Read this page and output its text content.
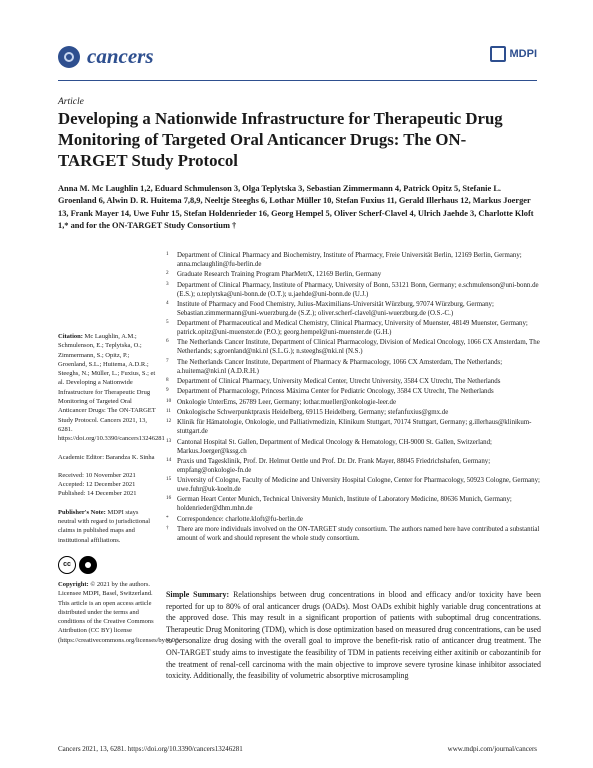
cancers	MDPI
Article
Developing a Nationwide Infrastructure for Therapeutic Drug Monitoring of Targeted Oral Anticancer Drugs: The ON-TARGET Study Protocol

Anna M. Mc Laughlin 1,2, Eduard Schmulenson 3, Olga Teplytska 3, Sebastian Zimmermann 4, Patrick Opitz 5, Stefanie L. Groenland 6, Alwin D. R. Huitema 7,8,9, Neeltje Steeghs 6, Lothar Müller 10, Stefan Fuxius 11, Gerald Illerhaus 12, Markus Joerger 13, Frank Mayer 14, Uwe Fuhr 15, Stefan Holdenrieder 16, Georg Hempel 5, Oliver Scherf-Clavel 4, Ulrich Jaehde 3, Charlotte Kloft 1,* and for the ON-TARGET Study Consortium †

1	Department of Clinical Pharmacy and Biochemistry, Institute of Pharmacy, Freie Universität Berlin, 12169 Berlin, Germany; anna.mclaughlin@fu-berlin.de
2	Graduate Research Training Program PharMetrX, 12169 Berlin, Germany
3	Department of Clinical Pharmacy, Institute of Pharmacy, University of Bonn, 53121 Bonn, Germany; e.schmulenson@uni-bonn.de (E.S.); o.teplytska@uni-bonn.de (O.T.); u.jaehde@uni-bonn.de (U.J.)
4	Institute of Pharmacy and Food Chemistry, Julius-Maximilians-Universität Würzburg, 97074 Würzburg, Germany; Sebastian.zimmermann@uni-wuerzburg.de (S.Z.); oliver.scherf-clavel@uni-wuerzburg.de (O.S.-C.)
5	Department of Pharmaceutical and Medical Chemistry, Clinical Pharmacy, University of Muenster, 48149 Muenster, Germany; patrick.opitz@uni-muenster.de (P.O.); georg.hempel@uni-muenster.de (G.H.)
6	The Netherlands Cancer Institute, Department of Clinical Pharmacology, Division of Medical Oncology, 1066 CX Amsterdam, The Netherlands; s.groenland@nki.nl (S.L.G.); n.steeghs@nki.nl (N.S.)
7	The Netherlands Cancer Institute, Department of Pharmacy & Pharmacology, 1066 CX Amsterdam, The Netherlands; a.huitema@nki.nl (A.D.R.H.)
8	Department of Clinical Pharmacy, University Medical Center, Utrecht University, 3584 CX Utrecht, The Netherlands
9	Department of Pharmacology, Princess Máxima Center for Pediatric Oncology, 3584 CX Utrecht, The Netherlands
10 Onkologie UnterEms, 26789 Leer, Germany; lothar.mueller@onkologie-leer.de
11 Onkologische Schwerpunktpraxis Heidelberg, 69115 Heidelberg, Germany; stefanfuxius@gmx.de
12 Klinik für Hämatologie, Onkologie, und Palliativmedizin, Klinikum Stuttgart, 70174 Stuttgart, Germany; g.illerhaus@klinikum-stuttgart.de
13 Cantonal Hospital St. Gallen, Department of Medical Oncology & Hematology, CH-9000 St. Gallen, Switzerland; Markus.Joerger@kssg.ch
14 Praxis und Tagesklinik, Prof. Dr. Helmut Oettle und Prof. Dr. Dr. Frank Mayer, 88045 Friedrichshafen, Germany; empfang@onkologie-fn.de
15 University of Cologne, Faculty of Medicine and University Hospital Cologne, Center for Pharmacology, 50923 Cologne, Germany; uwe.fuhr@uk-koeln.de
16 German Heart Center Munich, Technical University Munich, Institute of Laboratory Medicine, 80636 Munich, Germany; holdenrieder@dhm.mhn.de
*	Correspondence: charlotte.kloft@fu-berlin.de
†	There are more individuals involved on the ON-TARGET study consortium. The authors named here have contributed a substantial amount of work and should represent the whole study consortium.

Citation: Mc Laughlin, A.M.; Schmulenson, E.; Teplytska, O.; Zimmermann, S.; Opitz, P.; Groenland, S.L.; Huitema, A.D.R.; Steeghs, N.; Müller, L.; Fuxius, S.; et al. Developing a Nationwide Infrastructure for Therapeutic Drug Monitoring of Targeted Oral Anticancer Drugs: The ON-TARGET Study Protocol. Cancers 2021, 13, 6281. https://doi.org/10.3390/cancers13246281

Academic Editor: Barandza K. Sinha

Received: 10 November 2021

Accepted: 12 December 2021

Published: 14 December 2021

Publisher's Note: MDPI stays neutral with regard to jurisdictional claims in published maps and institutional affiliations.

cc

Copyright: © 2021 by the authors. Licensee MDPI, Basel, Switzerland. This article is an open access article distributed under the terms and conditions of the Creative Commons Attribution (CC BY) license (https://creativecommons.org/licenses/by/4.0/).

Simple Summary: Relationships between drug concentrations in blood and efficacy and/or toxicity have been reported for up to 80% of oral anticancer drugs (OADs). Most OADs exhibit highly variable drug concentrations at the approved dose. This may result in a significant proportion of patients with suboptimal drug concentrations. Therapeutic Drug Monitoring (TDM), which is dose optimization based on measured drug concentrations, can be used to personalize drug dosing with the overall goal to improve the benefit-risk ratio of anticancer drug treatment. The ON-TARGET study aims to investigate the feasibility of TDM in patients receiving either axitinib or cabozantinib for the treatment of renal-cell carcinoma with the main objective to improve severe tyrosine kinase inhibitor associated toxicity. Additionally, the feasibility of volumetric absorptive microsampling

Cancers 2021, 13, 6281. https://doi.org/10.3390/cancers13246281	www.mdpi.com/journal/cancers
